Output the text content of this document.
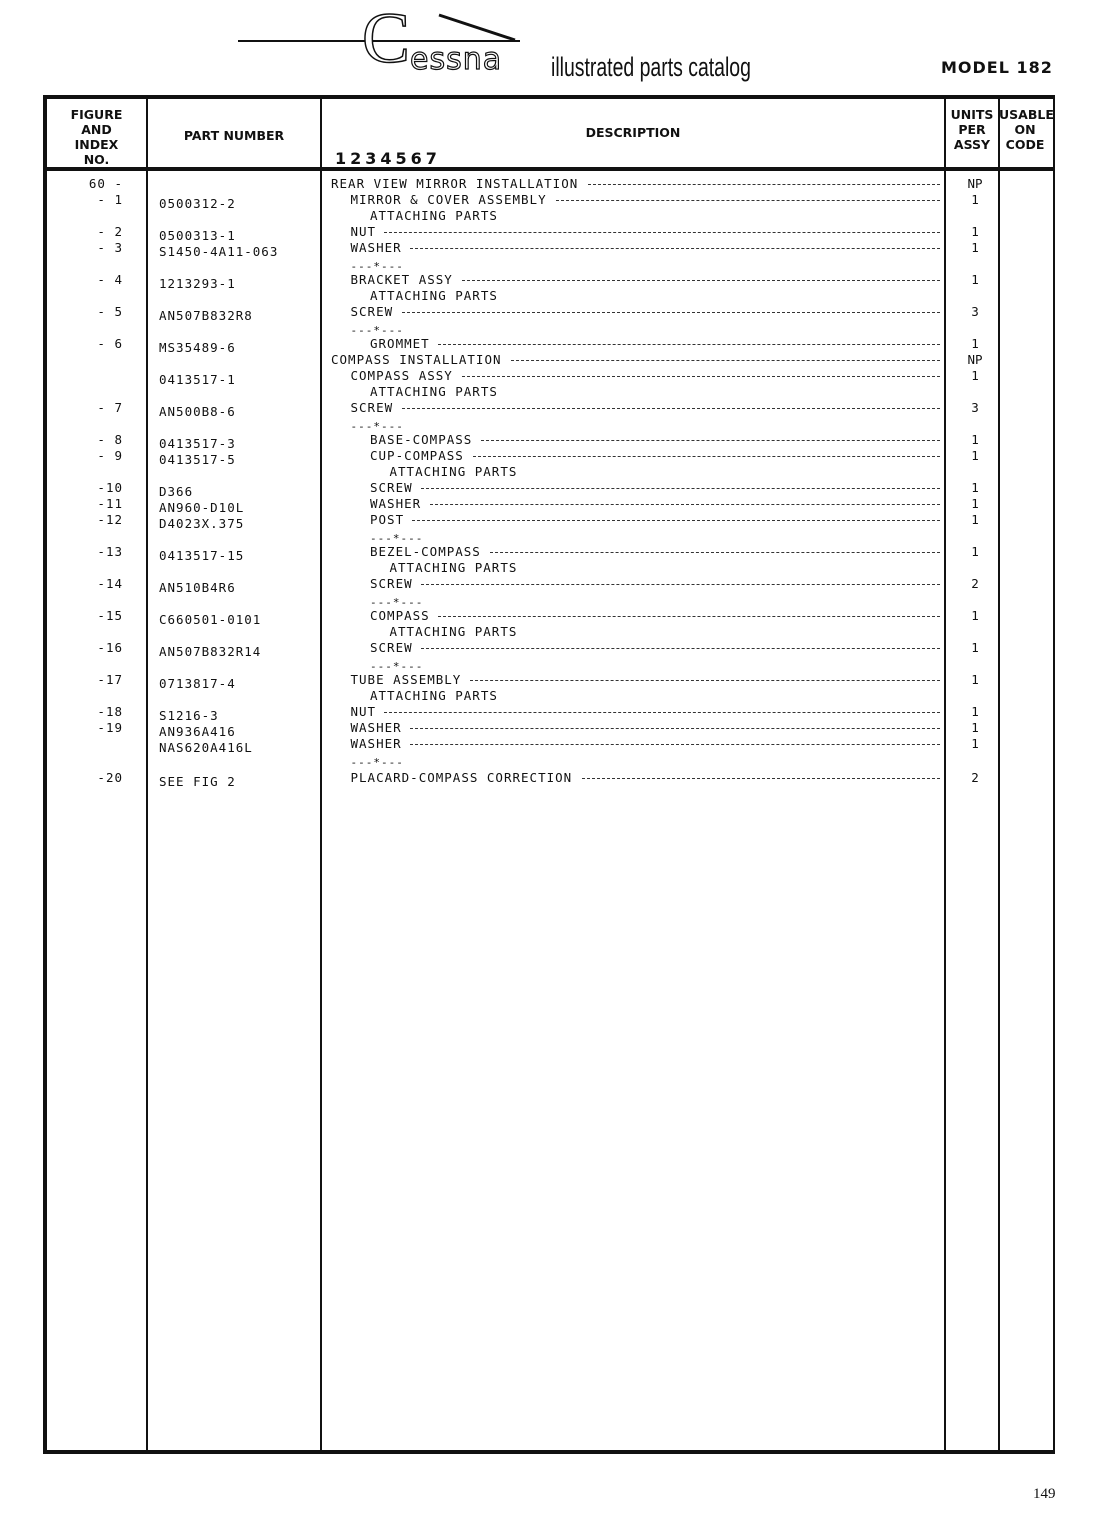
C essna illustrated parts catalog	MODEL 182
FIGURE
AND
INDEX
NO.
PART NUMBER	DESCRIPTION
1234567
UNITS
PER
ASSY
USABLE
ON
CODE
60 -	REAR VIEW MIRROR INSTALLATION	NP
- 1	0500312-2	MIRROR & COVER ASSEMBLY	1
ATTACHING PARTS
- 2	0500313-1	NUT	1
- 3	S1450-4A11-063	WASHER	1
---*---
- 4	1213293-1	BRACKET ASSY	1
ATTACHING PARTS
- 5	AN507B832R8	SCREW	3
---*---
- 6	MS35489-6	GROMMET	1
COMPASS INSTALLATION	NP
0413517-1	COMPASS ASSY	1
ATTACHING PARTS
- 7	AN500B8-6	SCREW	3
---*---
- 8	0413517-3	BASE-COMPASS	1
- 9	0413517-5	CUP-COMPASS	1
ATTACHING PARTS
-10	D366	SCREW	1
-11	AN960-D10L	WASHER	1
-12	D4023X.375	POST	1
---*---
-13	0413517-15	BEZEL-COMPASS	1
ATTACHING PARTS
-14	AN510B4R6	SCREW	2
---*---
-15	C660501-0101	COMPASS	1
ATTACHING PARTS
-16	AN507B832R14	SCREW	1
---*---
-17	0713817-4	TUBE ASSEMBLY	1
ATTACHING PARTS
-18	S1216-3	NUT	1
-19	AN936A416	WASHER	1
NAS620A416L	WASHER	1
---*---
-20	SEE FIG 2	PLACARD-COMPASS CORRECTION	2
149
